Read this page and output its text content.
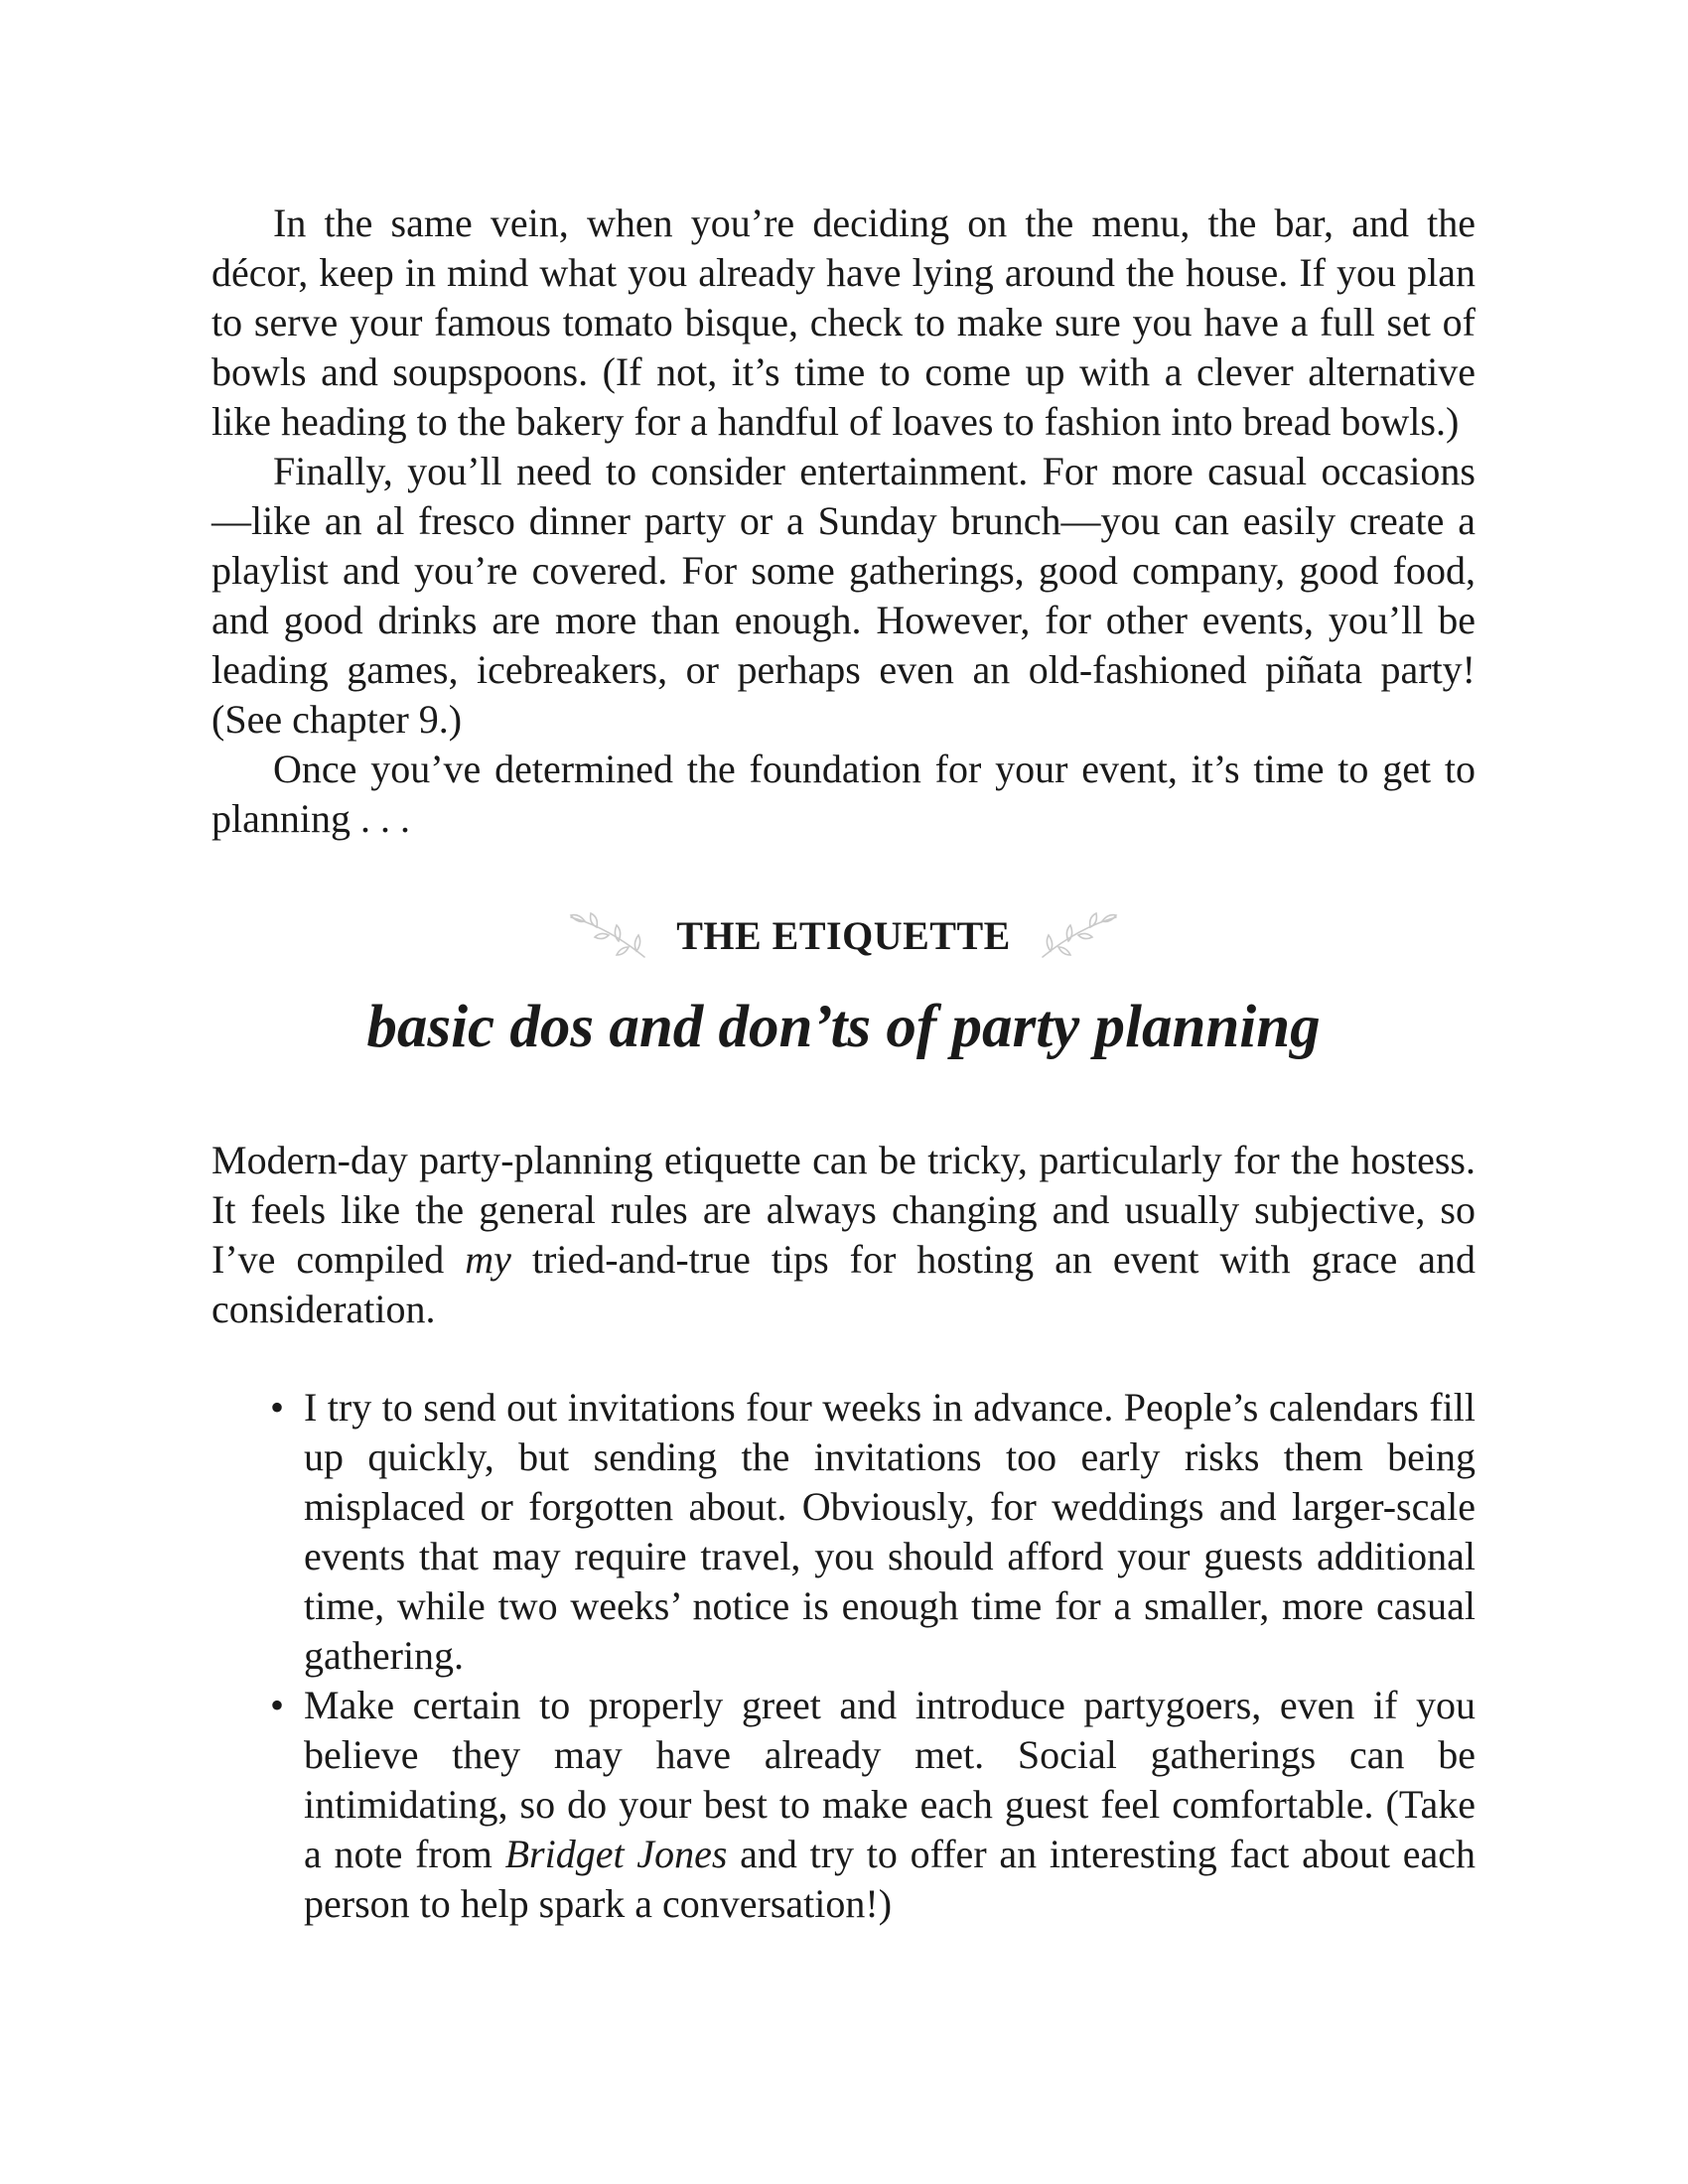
In the same vein, when you’re deciding on the menu, the bar, and the décor, keep in mind what you already have lying around the house. If you plan to serve your famous tomato bisque, check to make sure you have a full set of bowls and soupspoons. (If not, it’s time to come up with a clever alternative like heading to the bakery for a handful of loaves to fashion into bread bowls.)

Finally, you’ll need to consider entertainment. For more casual occasions—like an al fresco dinner party or a Sunday brunch—you can easily create a playlist and you’re covered. For some gatherings, good company, good food, and good drinks are more than enough. However, for other events, you’ll be leading games, icebreakers, or perhaps even an old-fashioned piñata party! (See chapter 9.)

Once you’ve determined the foundation for your event, it’s time to get to planning . . .

THE ETIQUETTE
basic dos and don’ts of party planning

Modern-day party-planning etiquette can be tricky, particularly for the hostess. It feels like the general rules are always changing and usually subjective, so I’ve compiled my tried-and-true tips for hosting an event with grace and consideration.

• I try to send out invitations four weeks in advance. People’s calendars fill up quickly, but sending the invitations too early risks them being misplaced or forgotten about. Obviously, for weddings and larger-scale events that may require travel, you should afford your guests additional time, while two weeks’ notice is enough time for a smaller, more casual gathering.
• Make certain to properly greet and introduce partygoers, even if you believe they may have already met. Social gatherings can be intimidating, so do your best to make each guest feel comfortable. (Take a note from Bridget Jones and try to offer an interesting fact about each person to help spark a conversation!)
